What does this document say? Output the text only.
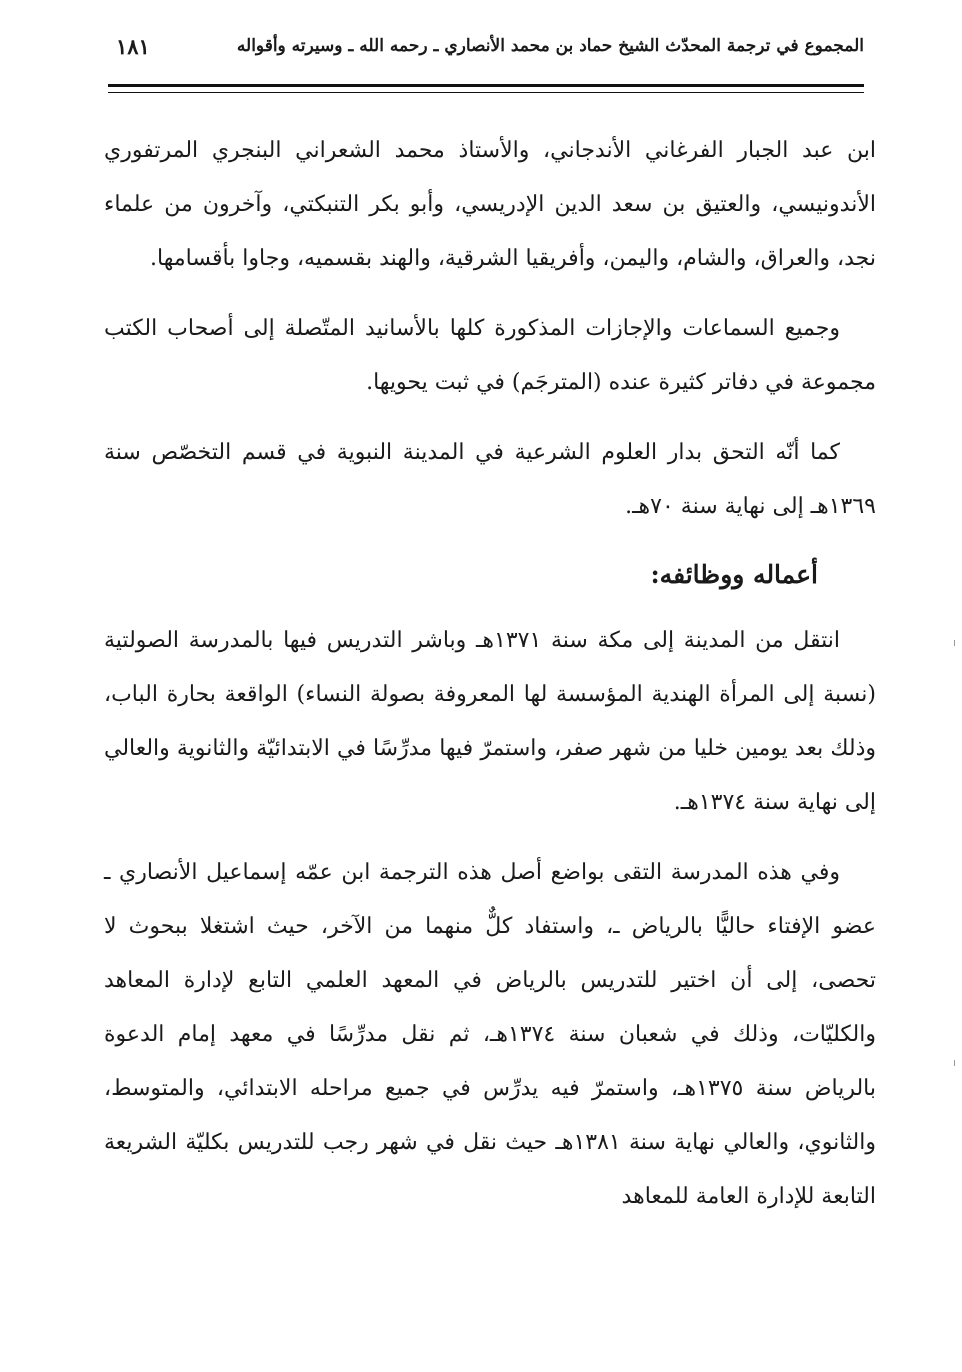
المجموع في ترجمة المحدّث الشيخ حماد بن محمد الأنصاري ـ رحمه الله ـ وسيرته وأقواله
١٨١

ابن عبد الجبار الفرغاني الأندجاني، والأستاذ محمد الشعراني البنجري المرتفوري الأندونيسي، والعتيق بن سعد الدين الإدريسي، وأبو بكر التنبكتي، وآخرون من علماء نجد، والعراق، والشام، واليمن، وأفريقيا الشرقية، والهند بقسميه، وجاوا بأقسامها.

وجميع السماعات والإجازات المذكورة كلها بالأسانيد المتّصلة إلى أصحاب الكتب مجموعة في دفاتر كثيرة عنده (المترجَم) في ثبت يحويها.

كما أنّه التحق بدار العلوم الشرعية في المدينة النبوية في قسم التخصّص سنة ١٣٦٩هـ إلى نهاية سنة ٧٠هـ.

أعماله ووظائفه:

انتقل من المدينة إلى مكة سنة ١٣٧١هـ وباشر التدريس فيها بالمدرسة الصولتية (نسبة إلى المرأة الهندية المؤسسة لها المعروفة بصولة النساء) الواقعة بحارة الباب، وذلك بعد يومين خليا من شهر صفر، واستمرّ فيها مدرِّسًا في الابتدائيّة والثانوية والعالي إلى نهاية سنة ١٣٧٤هـ.

وفي هذه المدرسة التقى بواضع أصل هذه الترجمة ابن عمّه إسماعيل الأنصاري ـ عضو الإفتاء حاليًّا بالرياض ـ، واستفاد كلٌّ منهما من الآخر، حيث اشتغلا ببحوث لا تحصى، إلى أن اختير للتدريس بالرياض في المعهد العلمي التابع لإدارة المعاهد والكليّات، وذلك في شعبان سنة ١٣٧٤هـ، ثم نقل مدرِّسًا في معهد إمام الدعوة بالرياض سنة ١٣٧٥هـ، واستمرّ فيه يدرِّس في جميع مراحله الابتدائي، والمتوسط، والثانوي، والعالي نهاية سنة ١٣٨١هـ حيث نقل في شهر رجب للتدريس بكليّة الشريعة التابعة للإدارة العامة للمعاهد
